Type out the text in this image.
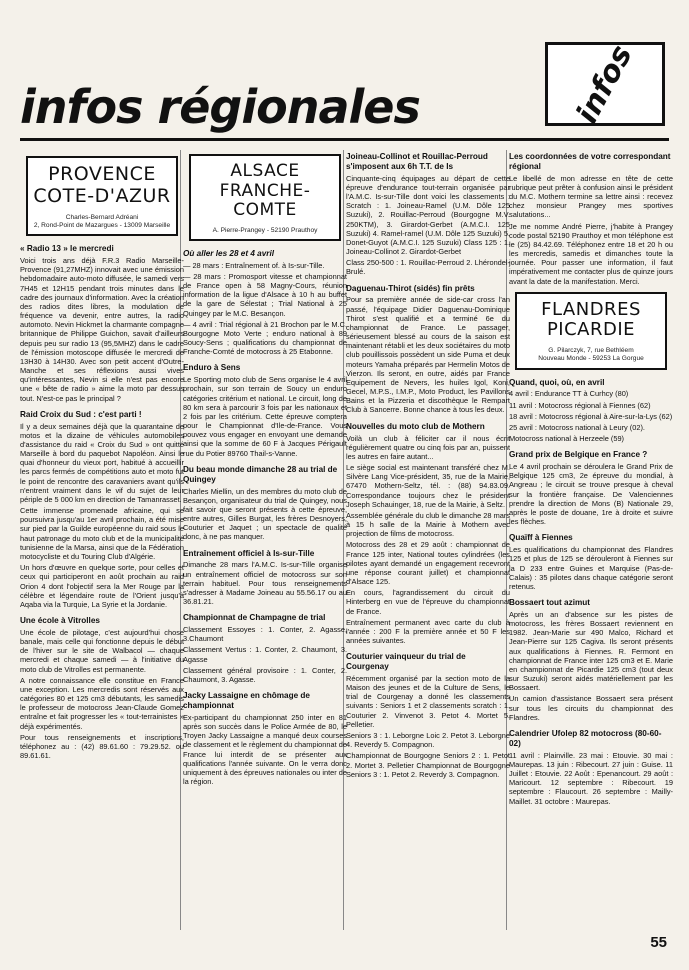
infos
infos régionales
PROVENCE
COTE-D'AZUR
Charles-Bernard Adréani
2, Rond-Point de Mazargues - 13009 Marseille
« Radio 13 » le mercredi

Voici trois ans déjà F.R.3 Radio Marseille-Provence (91,27MHZ) innovait avec une émission hebdomadaire auto-moto diffusée, le samedi vers 7H45 et 12H15 pendant trois minutes dans le cadre des journaux d'information. Avec la création des radios dites libres, la modulation de fréquence va devenir, entre autres, la radio automoto. Nevin Hickmet la charmante compagne britannique de Philippe Guichon, savait d'ailleurs depuis peu sur radio 13 (95,5MHZ) dans le cadre de l'émission motoscope diffusée le mercredi de 13H30 à 14H30. Avec son petit accent d'Outre-Manche et ses réflexions aussi vives qu'intéressantes, Nevin si elle n'est pas encore une « bête de radio » aime la moto par dessus tout. N'est-ce pas le principal ?

Raid Croix du Sud : c'est parti !

Il y a deux semaines déjà que la quarantaine de motos et la dizaine de véhicules automobiles d'assistance du raid « Croix du Sud » ont quitté Marseille à bord du paquebot Napoléon. Ainsi le quai d'honneur du vieux port, habitué à accueillir les parcs fermés de compétitions auto et moto fut le point de rencontre des caravaniers avant qu'ils n'entrent vraiment dans le vif du sujet de leur périple de 5 000 km en direction de Tamanrasset.

Cette immense promenade africaine, qui se poursuivra jusqu'au 1er avril prochain, a été mise sur pied par la Guilde européenne du raid sous le haut patronage du moto club et de la municipalité tunisienne de la Marsa, ainsi que de la Fédération motocycliste et du Touring Club d'Algérie.

Un hors d'œuvre en quelque sorte, pour celles et ceux qui participeront en août prochain au raid Orion 4 dont l'objectif sera la Mer Rouge par la célèbre et légendaire route de l'Orient jusqu'à Aqaba via la Turquie, La Syrie et la Jordanie.

Une école à Vitrolles

Une école de pilotage, c'est aujourd'hui chose banale, mais celle qui fonctionne depuis le début de l'hiver sur le site de Walbacol — chaque mercredi et chaque samedi — à l'initiative du moto club de Vitrolles est permanente.

A notre connaissance elle constitue en France une exception. Les mercredis sont réservés aux catégories 80 et 125 cm3 débutants, les samedis le professeur de motocross Jean-Claude Gomez entraîne et fait progresser les « tout-terrainistes » déjà expérimentés.

Pour tous renseignements et inscriptions, téléphonez au : (42) 89.61.60 : 79.29.52. ou 89.61.61.

ALSACE
FRANCHE-
COMTE
A. Pierre-Prangey - 52190 Prauthoy
Où aller les 28 et 4 avril

— 28 mars : Entraînement of. à Is-sur-Tille.

— 28 mars : Promosport vitesse et championnat de France open à 58 Magny-Cours, réunion information de la ligue d'Alsace à 10 h au buffet de la gare de Sélestat ; Trial National à 25 Quingey par le M.C. Besançon.

— 4 avril : Trial régional à 21 Brochon par le M.C. Bourgogne Moto Verte ; enduro national à 89 Soucy-Sens ; qualifications du championnat de Franche-Comté de motocross à 25 Etabonne.

Enduro à Sens

Le Sporting moto club de Sens organise le 4 avril prochain, sur son terrain de Soucy un enduro catégories critérium et national. Le circuit, long de 80 km sera à parcourir 3 fois par les nationaux et 2 fois par les critérium. Cette épreuve comptera pour le Championnat d'Ile-de-France. Vous pouvez vous engager en envoyant une demande ainsi que la somme de 60 F à Jacques Périgault rue du Potier 89760 Thail-s-Vanne.

Du beau monde dimanche 28 au trial de Quingey

Charles Miellin, un des membres du moto club de Besançon, organisateur du trial de Quingey, nous fait savoir que seront présents à cette épreuve, entre autres, Gilles Burgat, les frères Desnoyers, Couturier et Jaquet ; un spectacle de qualité donc, à ne pas manquer.

Entraînement officiel à Is-sur-Tille

Dimanche 28 mars l'A.M.C. Is-sur-Tille organise un entraînement officiel de motocross sur son terrain habituel. Pour tous renseignements s'adresser à Madame Joineau au 55.56.17 ou au 36.81.21.

Championnat de Champagne de trial

Classement Essoyes : 1. Conter, 2. Agasse, 3.Chaumont

Classement Vertus : 1. Conter, 2. Chaumont, 3. Agasse

Classement général provisoire : 1. Conter, 2. Chaumont, 3. Agasse.

Jacky Lassaigne en chômage de championnat

Ex-participant du championnat 250 inter en 81 après son succès dans le Police Armée de 80, le Troyen Jacky Lassaigne a manqué deux courses de classement et le règlement du championnat de France lui interdit de se présenter aux qualifications l'année suivante. On le verra donc uniquement à des épreuves nationales ou inter de la région.

Joineau-Collinot et Rouillac-Perroud s'imposent aux 6h T.T. de Is

Cinquante-cinq équipages au départ de cette épreuve d'endurance tout-terrain organisée par l'A.M.C. Is-sur-Tille dont voici les classements : Scratch : 1. Joineau-Ramel (U.M. Dôle 125 Suzuki), 2. Rouillac-Perroud (Bourgogne M.V. 250KTM), 3. Girardot-Gerbet (A.M.C.I. 125 Suzuki) 4. Ramel-ramel (U.M. Dôle 125 Suzuki) 5. Donet-Guyot (A.M.C.I. 125 Suzuki) Class 125 : 1. Joineau-Collinot 2. Girardot-Gerbet

Class 250-500 : 1. Rouillac-Perroud 2. Lhérondel-Brulé.

Daguenau-Thirot (sidés) fin prêts

Pour sa première année de side-car cross l'an passé, l'équipage Didier Daguenau-Dominique Thirot s'est qualifié et a terminé 6e du championnat de France. Le passager, sérieusement blessé au cours de la saison est maintenant rétabli et les deux sociétaires du moto club pouillissois possèdent un side Puma et deux moteurs Yamaha préparés par Hermelin Motos de Vierzon. Ils seront, en outre, aidés par France Equipement de Nevers, les huiles Igol, Koni, Gecel, M.P.S., I.M.P., Moto Product, les Pavillons Bains et la Pizzeria et discothèque le Rempart Club à Sancerre. Bonne chance à tous les deux.

Nouvelles du moto club de Mothern

Voilà un club à féliciter car il nous écrit régulièrement quatre ou cinq fois par an, puissent les autres en faire autant...

Le siège social est maintenant transféré chez M. Silvère Lang Vice-président, 35, rue de la Mairie, 67470 Mothern-Seltz, tél. : (88) 94.83.09. Correspondance toujours chez le président Joseph Schauinger, 18, rue de la Mairie, à Seltz.

Assemblée générale du club le dimanche 28 mars à 15 h salle de la Mairie à Mothern avec projection de films de motocross.

Motocross des 28 et 29 août : championnat de France 125 inter, National toutes cylindrées (les pilotes ayant demandé un engagement recevront une réponse courant juillet) et championnat d'Alsace 125.

En cours, l'agrandissement du circuit du Hinterberg en vue de l'épreuve du championnat de France.

Entraînement permanent avec carte du club à l'année : 200 F la première année et 50 F les années suivantes.

Couturier vainqueur du trial de Courgenay

Récemment organisé par la section moto de la Maison des jeunes et de la Culture de Sens, le trial de Courgenay a donné les classements suivants : Seniors 1 et 2 classements scratch : 1. Couturier 2. Vinvenot 3. Petot 4. Mortet 5. Pelletier.

Seniors 3 : 1. Leborgne Loic 2. Petot 3. Leborgne 4. Reverdy 5. Compagnon.

Championnat de Bourgogne Seniors 2 : 1. Petot 2. Mortet 3. Pelletier Championnat de Bourgogne Seniors 3 : 1. Petot 2. Reverdy 3. Compagnon.

Les coordonnées de votre correspondant régional

Le libellé de mon adresse en tête de cette rubrique peut prêter à confusion ainsi le président du M.C. Mothern termine sa lettre ainsi : recevez chez monsieur Prangey mes sportives salutations...

Je me nomme André Pierre, j'habite à Prangey code postal 52190 Prauthoy et mon téléphone est le (25) 84.42.69. Téléphonez entre 18 et 20 h ou les mercredis, samedis et dimanches toute la journée. Pour passer une information, il faut impérativement me contacter plus de quinze jours avant la date de la manifestation. Merci.

FLANDRES
PICARDIE
G. Pilarczyk, 7, rue Bethléem
Nouveau Monde - 59253 La Gorgue
Quand, quoi, où, en avril

4 avril : Endurance TT à Curhcy (80)

11 avril : Motocross régional à Fiennes (62)

18 avril : Motocross régional à Aire-sur-la-Lys (62)

25 avril : Motocross national à Leury (02).

Motocross national à Herzeele (59)

Grand prix de Belgique en France ?

Le 4 avril prochain se déroulera le Grand Prix de Belgique 125 cm3, 2e épreuve du mondial, à Angreau ; le circuit se trouve presque à cheval sur la frontière française. De Valenciennes prendre la direction de Mons (B) Nationale 29, après le poste de douane, 1re à droite et suivre les flèches.

Quaïff à Fiennes

Les qualifications du championnat des Flandres 125 et plus de 125 se dérouleront à Fiennes sur la D 233 entre Guines et Marquise (Pas-de-Calais) : 35 pilotes dans chaque catégorie seront retenus.

Bossaert tout azimut

Après un an d'absence sur les pistes de motocross, les frères Bossaert reviennent en 1982. Jean-Marie sur 490 Malco, Richard et Jean-Pierre sur 125 Cagiva. Ils seront présents aux qualifications à Fiennes. R. Fermont en championnat de France inter 125 cm3 et E. Marie en championnat de Picardie 125 cm3 (tout deux sur Suzuki) seront aidés matériellement par les Bossaert.

Un camion d'assistance Bossaert sera présent sur tous les circuits du championnat des Flandres.

Calendrier Ufolep 82 motocross (80-60-02)

11 avril : Plainville. 23 mai : Etouvie. 30 mai : Maurepas. 13 juin : Ribecourt. 27 juin : Guise. 11 Juillet : Etouvie. 22 Août : Epenancourt. 29 août : Maricourt. 12 septembre : Ribecourt. 19 septembre : Flaucourt. 26 septembre : Mailly-Maillet. 31 octobre : Maurepas.

55
